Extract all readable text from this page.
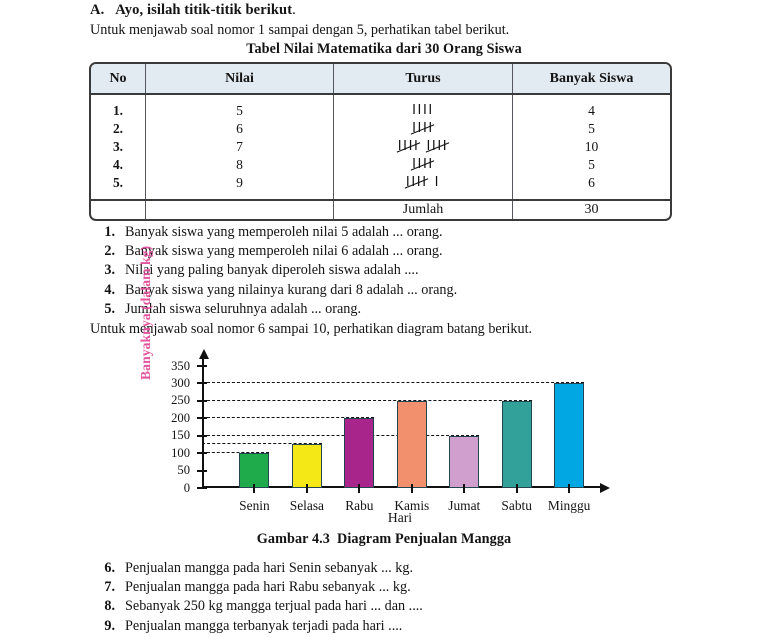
A. Ayo, isilah titik-titik berikut.
Untuk menjawab soal nomor 1 sampai dengan 5, perhatikan tabel berikut.
Tabel Nilai Matematika dari 30 Orang Siswa
No	Nilai	Turus	Banyak Siswa
1.	5	IIII	4
2.	6	IIII	5
3.	7	IIII IIII	10
4.	8	IIII	5
5.	9	IIII I	6
		Jumlah	30
1. Banyak siswa yang memperoleh nilai 5 adalah ... orang.
2. Banyak siswa yang memperoleh nilai 6 adalah ... orang.
3. Nilai yang paling banyak diperoleh siswa adalah ....
4. Banyak siswa yang nilainya kurang dari 8 adalah ... orang.
5. Jumlah siswa seluruhnya adalah ... orang.
Untuk menjawab soal nomor 6 sampai 10, perhatikan diagram batang berikut.
Banyaknya (dalam kg)
0
50
100
150
200
250
300
350
Senin Selasa Rabu Kamis Jumat Sabtu Minggu
Hari
Gambar 4.3 Diagram Penjualan Mangga
6. Penjualan mangga pada hari Senin sebanyak ... kg.
7. Penjualan mangga pada hari Rabu sebanyak ... kg.
8. Sebanyak 250 kg mangga terjual pada hari ... dan ....
9. Penjualan mangga terbanyak terjadi pada hari ....
